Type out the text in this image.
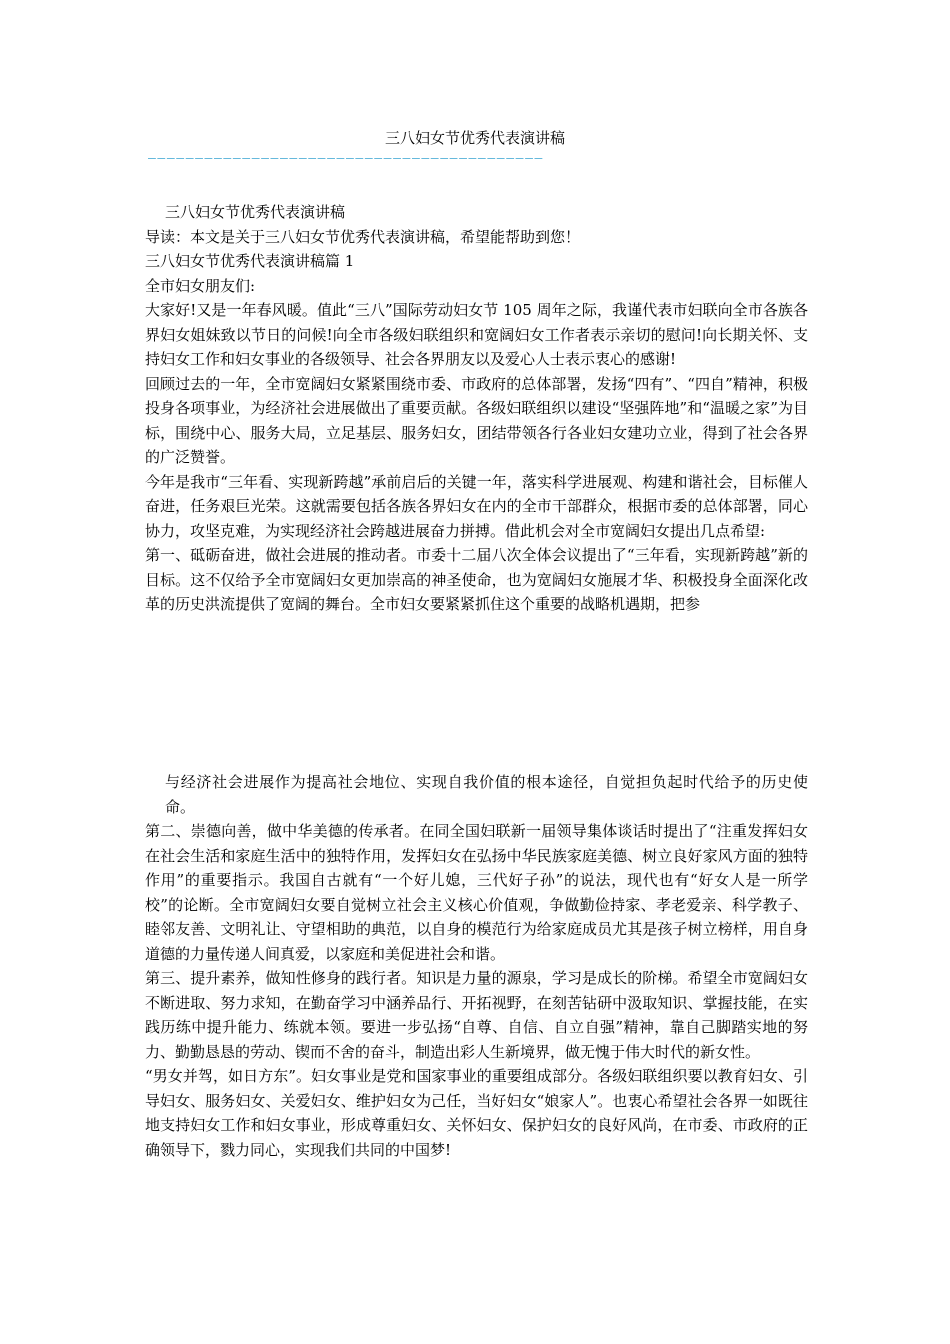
三八妇女节优秀代表演讲稿
——————————————————————————————————————————

三八妇女节优秀代表演讲稿

导读：本文是关于三八妇女节优秀代表演讲稿，希望能帮助到您！

三八妇女节优秀代表演讲稿篇 1

全市妇女朋友们:

大家好!又是一年春风暖。值此“三八”国际劳动妇女节 105 周年之际，我谨代表市妇联向全市各族各界妇女姐妹致以节日的问候!向全市各级妇联组织和宽阔妇女工作者表示亲切的慰问!向长期关怀、支持妇女工作和妇女事业的各级领导、社会各界朋友以及爱心人士表示衷心的感谢!

回顾过去的一年，全市宽阔妇女紧紧围绕市委、市政府的总体部署，发扬“四有”、“四自”精神，积极投身各项事业，为经济社会进展做出了重要贡献。各级妇联组织以建设“坚强阵地”和“温暖之家”为目标，围绕中心、服务大局，立足基层、服务妇女，团结带领各行各业妇女建功立业，得到了社会各界的广泛赞誉。

今年是我市“三年看、实现新跨越”承前启后的关键一年，落实科学进展观、构建和谐社会，目标催人奋进，任务艰巨光荣。这就需要包括各族各界妇女在内的全市干部群众，根据市委的总体部署，同心协力，攻坚克难，为实现经济社会跨越进展奋力拼搏。借此机会对全市宽阔妇女提出几点希望:

第一、砥砺奋进，做社会进展的推动者。市委十二届八次全体会议提出了“三年看，实现新跨越”新的目标。这不仅给予全市宽阔妇女更加崇高的神圣使命，也为宽阔妇女施展才华、积极投身全面深化改革的历史洪流提供了宽阔的舞台。全市妇女要紧紧抓住这个重要的战略机遇期，把参

与经济社会进展作为提高社会地位、实现自我价值的根本途径，自觉担负起时代给予的历史使命。

第二、崇德向善，做中华美德的传承者。在同全国妇联新一届领导集体谈话时提出了“注重发挥妇女在社会生活和家庭生活中的独特作用，发挥妇女在弘扬中华民族家庭美德、树立良好家风方面的独特作用”的重要指示。我国自古就有“一个好儿媳，三代好子孙”的说法，现代也有“好女人是一所学校”的论断。全市宽阔妇女要自觉树立社会主义核心价值观，争做勤俭持家、孝老爱亲、科学教子、睦邻友善、文明礼让、守望相助的典范，以自身的模范行为给家庭成员尤其是孩子树立榜样，用自身道德的力量传递人间真爱，以家庭和美促进社会和谐。

第三、提升素养，做知性修身的践行者。知识是力量的源泉，学习是成长的阶梯。希望全市宽阔妇女不断进取、努力求知，在勤奋学习中涵养品行、开拓视野，在刻苦钻研中汲取知识、掌握技能，在实践历练中提升能力、练就本领。要进一步弘扬“自尊、自信、自立自强”精神，靠自己脚踏实地的努力、勤勤恳恳的劳动、锲而不舍的奋斗，制造出彩人生新境界，做无愧于伟大时代的新女性。

“男女并驾，如日方东”。妇女事业是党和国家事业的重要组成部分。各级妇联组织要以教育妇女、引导妇女、服务妇女、关爱妇女、维护妇女为己任，当好妇女“娘家人”。也衷心希望社会各界一如既往地支持妇女工作和妇女事业，形成尊重妇女、关怀妇女、保护妇女的良好风尚，在市委、市政府的正确领导下，戮力同心，实现我们共同的中国梦!
